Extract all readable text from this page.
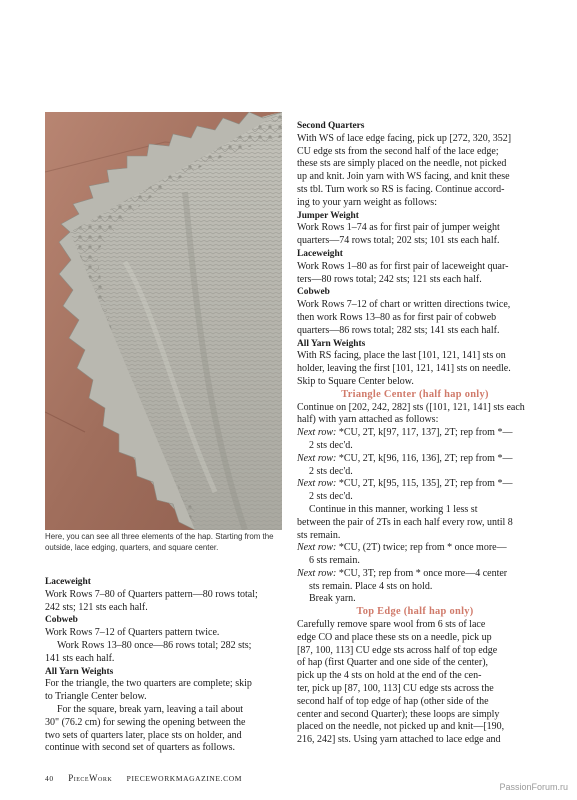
Here, you can see all three elements of the hap. Starting from the outside, lace edging, quarters, and square center.
Laceweight
Work Rows 7–80 of Quarters pattern—80 rows total;
242 sts; 121 sts each half.
Cobweb
Work Rows 7–12 of Quarters pattern twice.
Work Rows 13–80 once—86 rows total; 282 sts;
141 sts each half.
All Yarn Weights
For the triangle, the two quarters are complete; skip
to Triangle Center below.
For the square, break yarn, leaving a tail about
30" (76.2 cm) for sewing the opening between the
two sets of quarters later, place sts on holder, and
continue with second set of quarters as follows.
Second Quarters
With WS of lace edge facing, pick up [272, 320, 352]
CU edge sts from the second half of the lace edge;
these sts are simply placed on the needle, not picked
up and knit. Join yarn with WS facing, and knit these
sts tbl. Turn work so RS is facing. Continue accord-
ing to your yarn weight as follows:
Jumper Weight
Work Rows 1–74 as for first pair of jumper weight
quarters—74 rows total; 202 sts; 101 sts each half.
Laceweight
Work Rows 1–80 as for first pair of laceweight quar-
ters—80 rows total; 242 sts; 121 sts each half.
Cobweb
Work Rows 7–12 of chart or written directions twice,
then work Rows 13–80 as for first pair of cobweb
quarters—86 rows total; 282 sts; 141 sts each half.
All Yarn Weights
With RS facing, place the last [101, 121, 141] sts on
holder, leaving the first [101, 121, 141] sts on needle.
Skip to Square Center below.
Triangle Center (half hap only)
Continue on [202, 242, 282] sts ([101, 121, 141] sts each
half) with yarn attached as follows:
Next row: *CU, 2T, k[97, 117, 137], 2T; rep from *—
2 sts dec'd.
Next row: *CU, 2T, k[96, 116, 136], 2T; rep from *—
2 sts dec'd.
Next row: *CU, 2T, k[95, 115, 135], 2T; rep from *—
2 sts dec'd.
Continue in this manner, working 1 less st
between the pair of 2Ts in each half every row, until 8
sts remain.
Next row: *CU, (2T) twice; rep from * once more—
6 sts remain.
Next row: *CU, 3T; rep from * once more—4 center
sts remain. Place 4 sts on hold.
Break yarn.
Top Edge (half hap only)
Carefully remove spare wool from 6 sts of lace
edge CO and place these sts on a needle, pick up
[87, 100, 113] CU edge sts across half of top edge
of hap (first Quarter and one side of the center),
pick up the 4 sts on hold at the end of the cen-
ter, pick up [87, 100, 113] CU edge sts across the
second half of top edge of hap (other side of the
center and second Quarter); these loops are simply
placed on the needle, not picked up and knit—[190,
216, 242] sts. Using yarn attached to lace edge and
40 PieceWork PIECEWORKMAGAZINE.COM
PassionForum.ru
